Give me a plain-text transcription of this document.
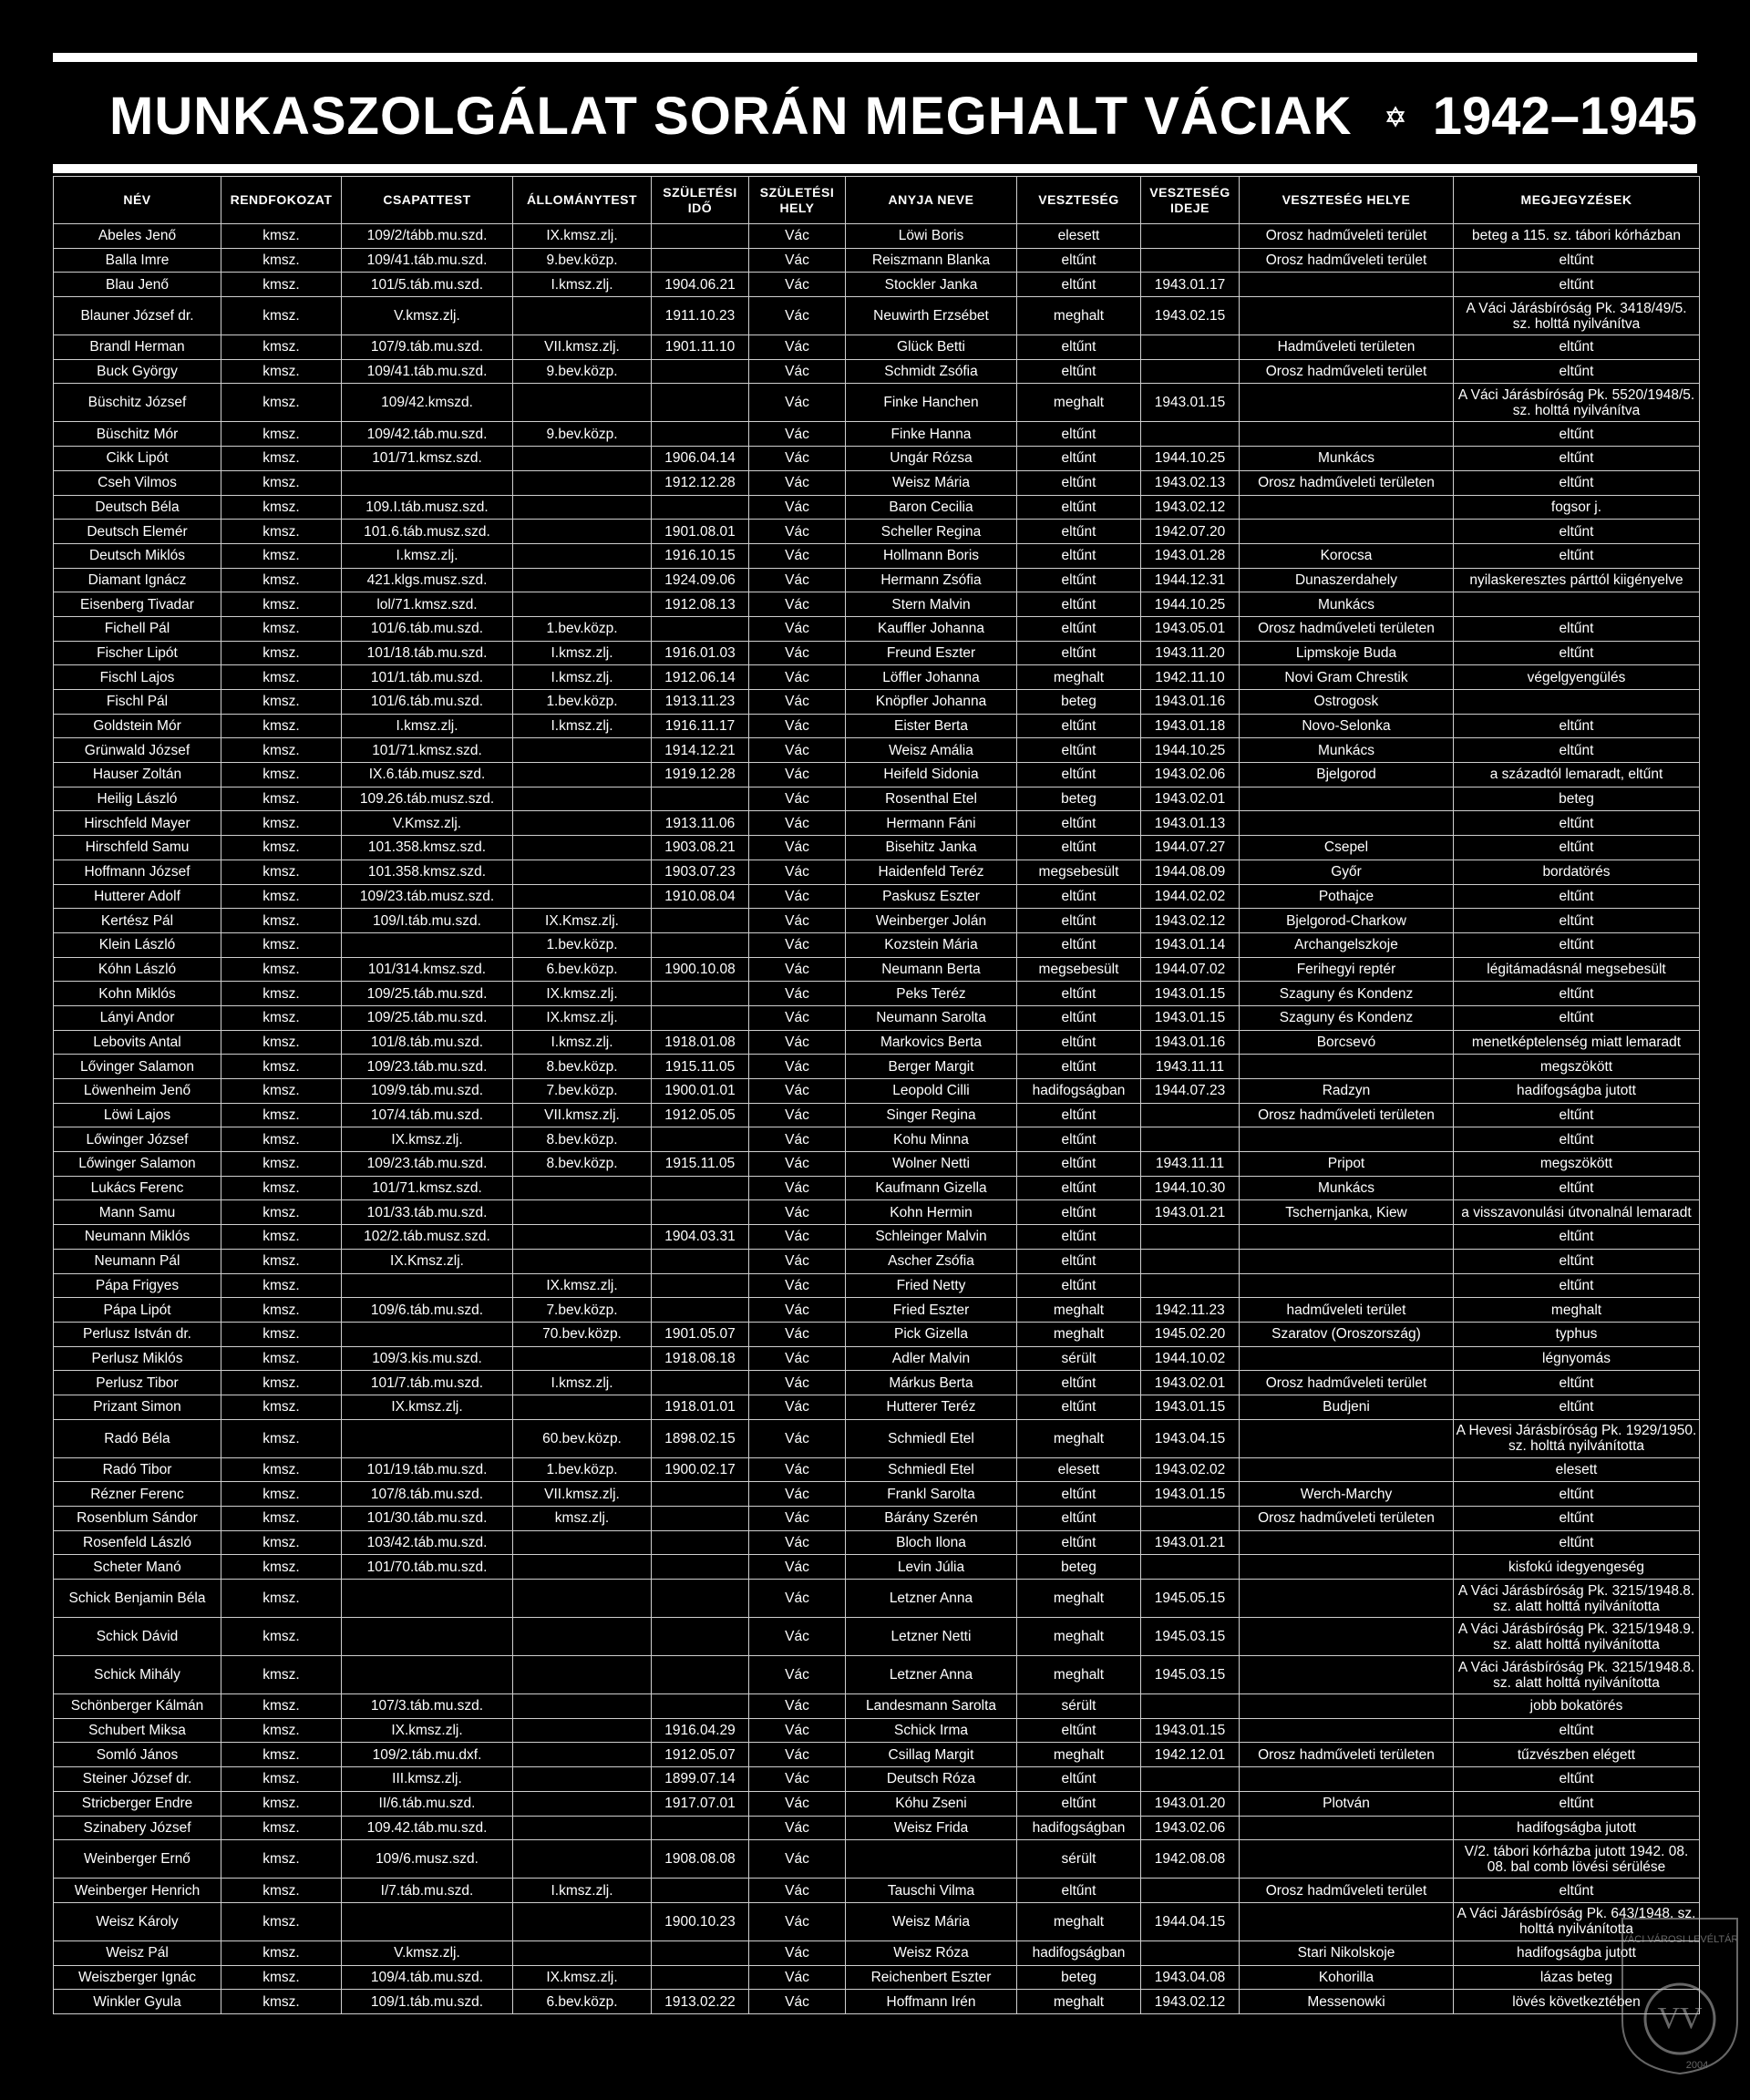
MUNKASZOLGÁLAT SORÁN MEGHALT VÁCIAK 1942–1945
NÉV	RENDFOKOZAT	CSAPATTEST	ÁLLOMÁNYTEST	SZÜLETÉSI IDŐ	SZÜLETÉSI HELY	ANYJA NEVE	VESZTESÉG	VESZTESÉG IDEJE	VESZTESÉG HELYE	MEGJEGYZÉSEK
Abeles Jenő	kmsz.	109/2/tább.mu.szd.	IX.kmsz.zlj.		Vác	Löwi Boris	elesett		Orosz hadműveleti terület	beteg a 115. sz. tábori kórházban
Balla Imre	kmsz.	109/41.táb.mu.szd.	9.bev.közp.		Vác	Reiszmann Blanka	eltűnt		Orosz hadműveleti terület	eltűnt
Blau Jenő	kmsz.	101/5.táb.mu.szd.	I.kmsz.zlj.	1904.06.21	Vác	Stockler Janka	eltűnt	1943.01.17		eltűnt
Blauner József dr.	kmsz.	V.kmsz.zlj.		1911.10.23	Vác	Neuwirth Erzsébet	meghalt	1943.02.15		A Váci Járásbíróság Pk. 3418/49/5. sz. holttá nyilvánítva
Brandl Herman	kmsz.	107/9.táb.mu.szd.	VII.kmsz.zlj.	1901.11.10	Vác	Glück Betti	eltűnt		Hadműveleti területen	eltűnt
Buck György	kmsz.	109/41.táb.mu.szd.	9.bev.közp.		Vác	Schmidt Zsófia	eltűnt		Orosz hadműveleti terület	eltűnt
Büschitz József	kmsz.	109/42.kmszd.			Vác	Finke Hanchen	meghalt	1943.01.15		A Váci Járásbíróság Pk. 5520/1948/5. sz. holttá nyilvánítva
Büschitz Mór	kmsz.	109/42.táb.mu.szd.	9.bev.közp.		Vác	Finke Hanna	eltűnt			eltűnt
Cikk Lipót	kmsz.	101/71.kmsz.szd.		1906.04.14	Vác	Ungár Rózsa	eltűnt	1944.10.25	Munkács	eltűnt
Cseh Vilmos	kmsz.			1912.12.28	Vác	Weisz Mária	eltűnt	1943.02.13	Orosz hadműveleti területen	eltűnt
Deutsch Béla	kmsz.	109.I.táb.musz.szd.			Vác	Baron Cecilia	eltűnt	1943.02.12		fogsor j.
Deutsch Elemér	kmsz.	101.6.táb.musz.szd.		1901.08.01	Vác	Scheller Regina	eltűnt	1942.07.20		eltűnt
Deutsch Miklós	kmsz.	I.kmsz.zlj.		1916.10.15	Vác	Hollmann Boris	eltűnt	1943.01.28	Korocsa	eltűnt
Diamant Ignácz	kmsz.	421.klgs.musz.szd.		1924.09.06	Vác	Hermann Zsófia	eltűnt	1944.12.31	Dunaszerdahely	nyilaskeresztes párttól kiigényelve
Eisenberg Tivadar	kmsz.	lol/71.kmsz.szd.		1912.08.13	Vác	Stern Malvin	eltűnt	1944.10.25	Munkács	
Fichell Pál	kmsz.	101/6.táb.mu.szd.	1.bev.közp.		Vác	Kauffler Johanna	eltűnt	1943.05.01	Orosz hadműveleti területen	eltűnt
Fischer Lipót	kmsz.	101/18.táb.mu.szd.	I.kmsz.zlj.	1916.01.03	Vác	Freund Eszter	eltűnt	1943.11.20	Lipmskoje Buda	eltűnt
Fischl Lajos	kmsz.	101/1.táb.mu.szd.	I.kmsz.zlj.	1912.06.14	Vác	Löffler Johanna	meghalt	1942.11.10	Novi Gram Chrestik	végelgyengülés
Fischl Pál	kmsz.	101/6.táb.mu.szd.	1.bev.közp.	1913.11.23	Vác	Knöpfler Johanna	beteg	1943.01.16	Ostrogosk	
Goldstein Mór	kmsz.	I.kmsz.zlj.	I.kmsz.zlj.	1916.11.17	Vác	Eister Berta	eltűnt	1943.01.18	Novo-Selonka	eltűnt
Grünwald József	kmsz.	101/71.kmsz.szd.		1914.12.21	Vác	Weisz Amália	eltűnt	1944.10.25	Munkács	eltűnt
Hauser Zoltán	kmsz.	IX.6.táb.musz.szd.		1919.12.28	Vác	Heifeld Sidonia	eltűnt	1943.02.06	Bjelgorod	a századtól lemaradt, eltűnt
Heilig László	kmsz.	109.26.táb.musz.szd.			Vác	Rosenthal Etel	beteg	1943.02.01		beteg
Hirschfeld Mayer	kmsz.	V.Kmsz.zlj.		1913.11.06	Vác	Hermann Fáni	eltűnt	1943.01.13		eltűnt
Hirschfeld Samu	kmsz.	101.358.kmsz.szd.		1903.08.21	Vác	Bisehitz Janka	eltűnt	1944.07.27	Csepel	eltűnt
Hoffmann József	kmsz.	101.358.kmsz.szd.		1903.07.23	Vác	Haidenfeld Teréz	megsebesült	1944.08.09	Győr	bordatörés
Hutterer Adolf	kmsz.	109/23.táb.musz.szd.		1910.08.04	Vác	Paskusz Eszter	eltűnt	1944.02.02	Pothajce	eltűnt
Kertész Pál	kmsz.	109/I.táb.mu.szd.	IX.Kmsz.zlj.		Vác	Weinberger Jolán	eltűnt	1943.02.12	Bjelgorod-Charkow	eltűnt
Klein László	kmsz.		1.bev.közp.		Vác	Kozstein Mária	eltűnt	1943.01.14	Archangelszkoje	eltűnt
Kóhn László	kmsz.	101/314.kmsz.szd.	6.bev.közp.	1900.10.08	Vác	Neumann Berta	megsebesült	1944.07.02	Ferihegyi reptér	légitámadásnál megsebesült
Kohn Miklós	kmsz.	109/25.táb.mu.szd.	IX.kmsz.zlj.		Vác	Peks Teréz	eltűnt	1943.01.15	Szaguny és Kondenz	eltűnt
Lányi Andor	kmsz.	109/25.táb.mu.szd.	IX.kmsz.zlj.		Vác	Neumann Sarolta	eltűnt	1943.01.15	Szaguny és Kondenz	eltűnt
Lebovits Antal	kmsz.	101/8.táb.mu.szd.	I.kmsz.zlj.	1918.01.08	Vác	Markovics Berta	eltűnt	1943.01.16	Borcsevó	menetképtelenség miatt lemaradt
Lővinger Salamon	kmsz.	109/23.táb.mu.szd.	8.bev.közp.	1915.11.05	Vác	Berger Margit	eltűnt	1943.11.11		megszökött
Löwenheim Jenő	kmsz.	109/9.táb.mu.szd.	7.bev.közp.	1900.01.01	Vác	Leopold Cilli	hadifogságban	1944.07.23	Radzyn	hadifogságba jutott
Löwi Lajos	kmsz.	107/4.táb.mu.szd.	VII.kmsz.zlj.	1912.05.05	Vác	Singer Regina	eltűnt		Orosz hadműveleti területen	eltűnt
Lőwinger József	kmsz.	IX.kmsz.zlj.	8.bev.közp.		Vác	Kohu Minna	eltűnt			eltűnt
Lőwinger Salamon	kmsz.	109/23.táb.mu.szd.	8.bev.közp.	1915.11.05	Vác	Wolner Netti	eltűnt	1943.11.11	Pripot	megszökött
Lukács Ferenc	kmsz.	101/71.kmsz.szd.			Vác	Kaufmann Gizella	eltűnt	1944.10.30	Munkács	eltűnt
Mann Samu	kmsz.	101/33.táb.mu.szd.			Vác	Kohn Hermin	eltűnt	1943.01.21	Tschernjanka, Kiew	a visszavonulási útvonalnál lemaradt
Neumann Miklós	kmsz.	102/2.táb.musz.szd.		1904.03.31	Vác	Schleinger Malvin	eltűnt			eltűnt
Neumann Pál	kmsz.	IX.Kmsz.zlj.			Vác	Ascher Zsófia	eltűnt			eltűnt
Pápa Frigyes	kmsz.		IX.kmsz.zlj.		Vác	Fried Netty	eltűnt			eltűnt
Pápa Lipót	kmsz.	109/6.táb.mu.szd.	7.bev.közp.		Vác	Fried Eszter	meghalt	1942.11.23	hadműveleti terület	meghalt
Perlusz István dr.	kmsz.		70.bev.közp.	1901.05.07	Vác	Pick Gizella	meghalt	1945.02.20	Szaratov (Oroszország)	typhus
Perlusz Miklós	kmsz.	109/3.kis.mu.szd.		1918.08.18	Vác	Adler Malvin	sérült	1944.10.02		légnyomás
Perlusz Tibor	kmsz.	101/7.táb.mu.szd.	I.kmsz.zlj.		Vác	Márkus Berta	eltűnt	1943.02.01	Orosz hadműveleti terület	eltűnt
Prizant Simon	kmsz.	IX.kmsz.zlj.		1918.01.01	Vác	Hutterer Teréz	eltűnt	1943.01.15	Budjeni	eltűnt
Radó Béla	kmsz.		60.bev.közp.	1898.02.15	Vác	Schmiedl Etel	meghalt	1943.04.15		A Hevesi Járásbíróság Pk. 1929/1950. sz. holttá nyilvánította
Radó Tibor	kmsz.	101/19.táb.mu.szd.	1.bev.közp.	1900.02.17	Vác	Schmiedl Etel	elesett	1943.02.02		elesett
Rézner Ferenc	kmsz.	107/8.táb.mu.szd.	VII.kmsz.zlj.		Vác	Frankl Sarolta	eltűnt	1943.01.15	Werch-Marchy	eltűnt
Rosenblum Sándor	kmsz.	101/30.táb.mu.szd.	kmsz.zlj.		Vác	Bárány Szerén	eltűnt		Orosz hadműveleti területen	eltűnt
Rosenfeld László	kmsz.	103/42.táb.mu.szd.			Vác	Bloch Ilona	eltűnt	1943.01.21		eltűnt
Scheter Manó	kmsz.	101/70.táb.mu.szd.			Vác	Levin Júlia	beteg			kisfokú idegyengeség
Schick Benjamin Béla	kmsz.				Vác	Letzner Anna	meghalt	1945.05.15		A Váci Járásbíróság Pk. 3215/1948.8. sz. alatt holttá nyilvánította
Schick Dávid	kmsz.				Vác	Letzner Netti	meghalt	1945.03.15		A Váci Járásbíróság Pk. 3215/1948.9. sz. alatt holttá nyilvánította
Schick Mihály	kmsz.				Vác	Letzner Anna	meghalt	1945.03.15		A Váci Járásbíróság Pk. 3215/1948.8. sz. alatt holttá nyilvánította
Schönberger Kálmán	kmsz.	107/3.táb.mu.szd.			Vác	Landesmann Sarolta	sérült			jobb bokatörés
Schubert Miksa	kmsz.	IX.kmsz.zlj.		1916.04.29	Vác	Schick Irma	eltűnt	1943.01.15		eltűnt
Somló János	kmsz.	109/2.táb.mu.dxf.		1912.05.07	Vác	Csillag Margit	meghalt	1942.12.01	Orosz hadműveleti területen	tűzvészben elégett
Steiner József dr.	kmsz.	III.kmsz.zlj.		1899.07.14	Vác	Deutsch Róza	eltűnt			eltűnt
Stricberger Endre	kmsz.	II/6.táb.mu.szd.		1917.07.01	Vác	Kóhu Zseni	eltűnt	1943.01.20	Plotván	eltűnt
Szinabery József	kmsz.	109.42.táb.mu.szd.			Vác	Weisz Frida	hadifogságban	1943.02.06		hadifogságba jutott
Weinberger Ernő	kmsz.	109/6.musz.szd.		1908.08.08	Vác		sérült	1942.08.08		V/2. tábori kórházba jutott 1942. 08. 08. bal comb lövési sérülése
Weinberger Henrich	kmsz.	I/7.táb.mu.szd.	I.kmsz.zlj.		Vác	Tauschi Vilma	eltűnt		Orosz hadműveleti terület	eltűnt
Weisz Károly	kmsz.			1900.10.23	Vác	Weisz Mária	meghalt	1944.04.15		A Váci Járásbíróság Pk. 643/1948. sz. holttá nyilvánította
Weisz Pál	kmsz.	V.kmsz.zlj.			Vác	Weisz Róza	hadifogságban		Stari Nikolskoje	hadifogságba jutott
Weiszberger Ignác	kmsz.	109/4.táb.mu.szd.	IX.kmsz.zlj.		Vác	Reichenbert Eszter	beteg	1943.04.08	Kohorilla	lázas beteg
Winkler Gyula	kmsz.	109/1.táb.mu.szd.	6.bev.közp.	1913.02.22	Vác	Hoffmann Irén	meghalt	1943.02.12	Messenowki	lövés következtében VV
VÁCI VÁROSI LEVÉLTÁR
2004
